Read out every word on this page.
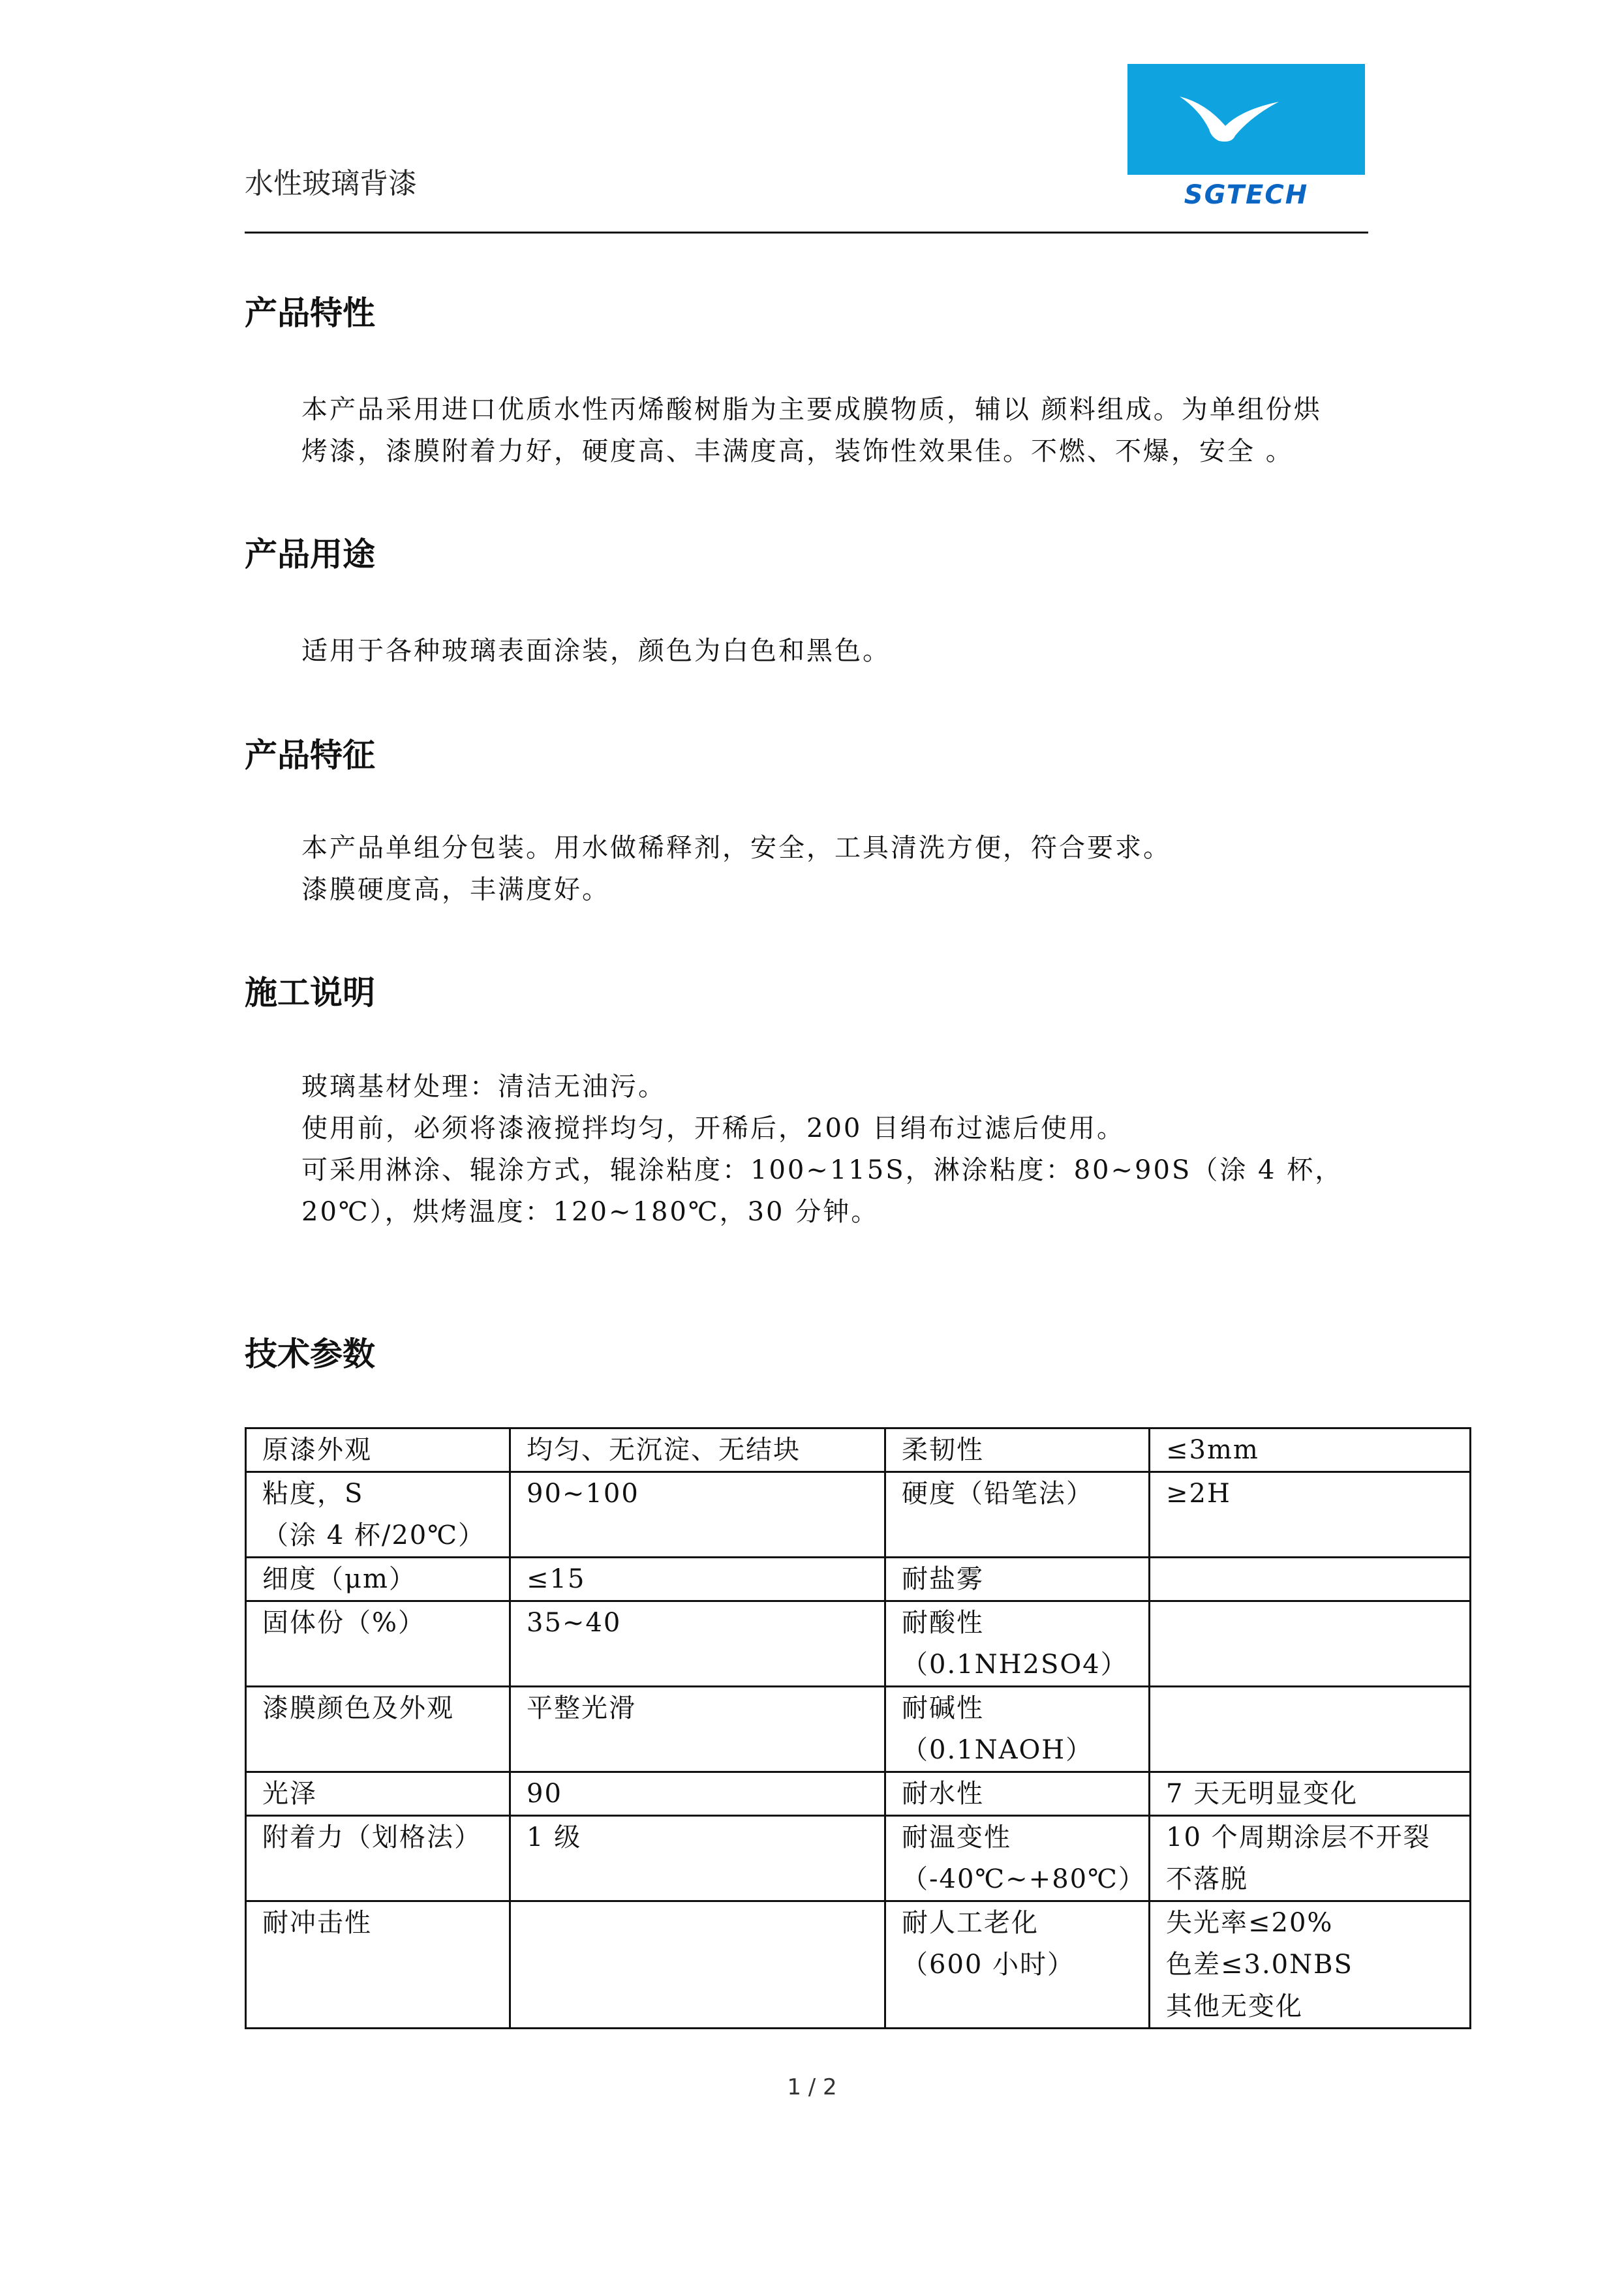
水性玻璃背漆	SGTECH
产品特性
本产品采用进口优质水性丙烯酸树脂为主要成膜物质，辅以 颜料组成。为单组份烘
烤漆，漆膜附着力好，硬度高、丰满度高，装饰性效果佳。不燃、不爆，安全 。
产品用途
适用于各种玻璃表面涂装，颜色为白色和黑色。
产品特征
本产品单组分包装。用水做稀释剂，安全，工具清洗方便，符合要求。
漆膜硬度高，丰满度好。
施工说明
玻璃基材处理：清洁无油污。
使用前，必须将漆液搅拌均匀，开稀后，200 目绢布过滤后使用。
可采用淋涂、辊涂方式，辊涂粘度：100~115S，淋涂粘度：80~90S（涂 4 杯，
20℃），烘烤温度：120~180℃，30 分钟。
技术参数
原漆外观	均匀、无沉淀、无结块	柔韧性	≤3mm
粘度，S
（涂 4 杯/20℃）	90~100	硬度（铅笔法）	≥2H
细度（μm）	≤15	耐盐雾	
固体份（%）	35~40	耐酸性
（0.1NH2SO4）	
漆膜颜色及外观	平整光滑	耐碱性
（0.1NAOH）	
光泽	90	耐水性	7 天无明显变化
附着力（划格法）	1 级	耐温变性
（-40℃~+80℃）	10 个周期涂层不开裂
不落脱
耐冲击性		耐人工老化
（600 小时）	失光率≤20%
色差≤3.0NBS
其他无变化
1 / 2
